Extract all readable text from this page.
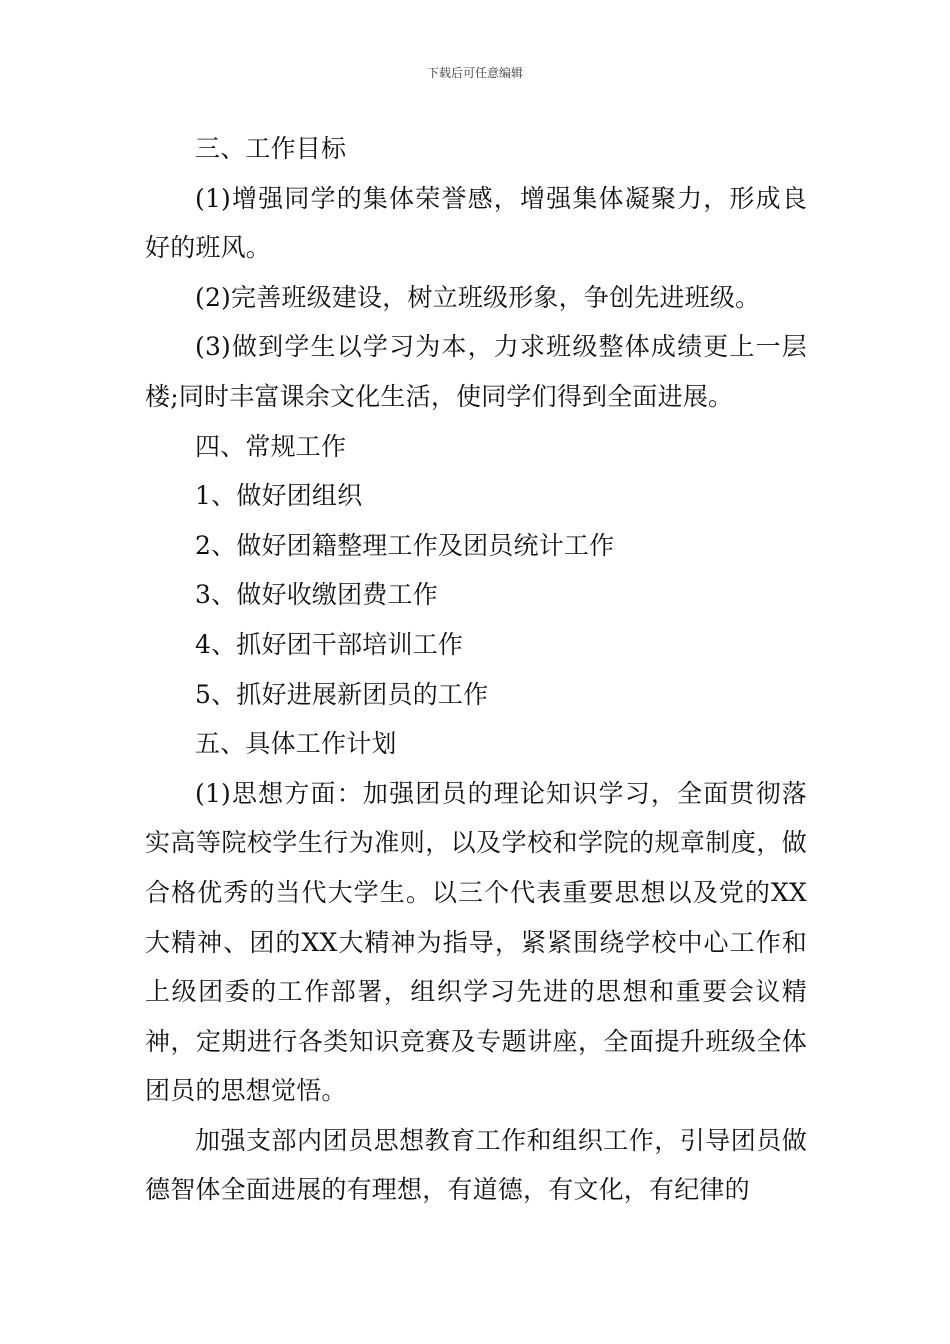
下载后可任意编辑

三、工作目标

(1)增强同学的集体荣誉感，增强集体凝聚力，形成良好的班风。

(2)完善班级建设，树立班级形象，争创先进班级。

(3)做到学生以学习为本，力求班级整体成绩更上一层楼;同时丰富课余文化生活，使同学们得到全面进展。

四、常规工作

1、做好团组织

2、做好团籍整理工作及团员统计工作

3、做好收缴团费工作

4、抓好团干部培训工作

5、抓好进展新团员的工作

五、具体工作计划

(1)思想方面：加强团员的理论知识学习，全面贯彻落实高等院校学生行为准则，以及学校和学院的规章制度，做合格优秀的当代大学生。以三个代表重要思想以及党的XX大精神、团的XX大精神为指导，紧紧围绕学校中心工作和上级团委的工作部署，组织学习先进的思想和重要会议精神，定期进行各类知识竞赛及专题讲座，全面提升班级全体团员的思想觉悟。

加强支部内团员思想教育工作和组织工作，引导团员做德智体全面进展的有理想，有道德，有文化，有纪律的
